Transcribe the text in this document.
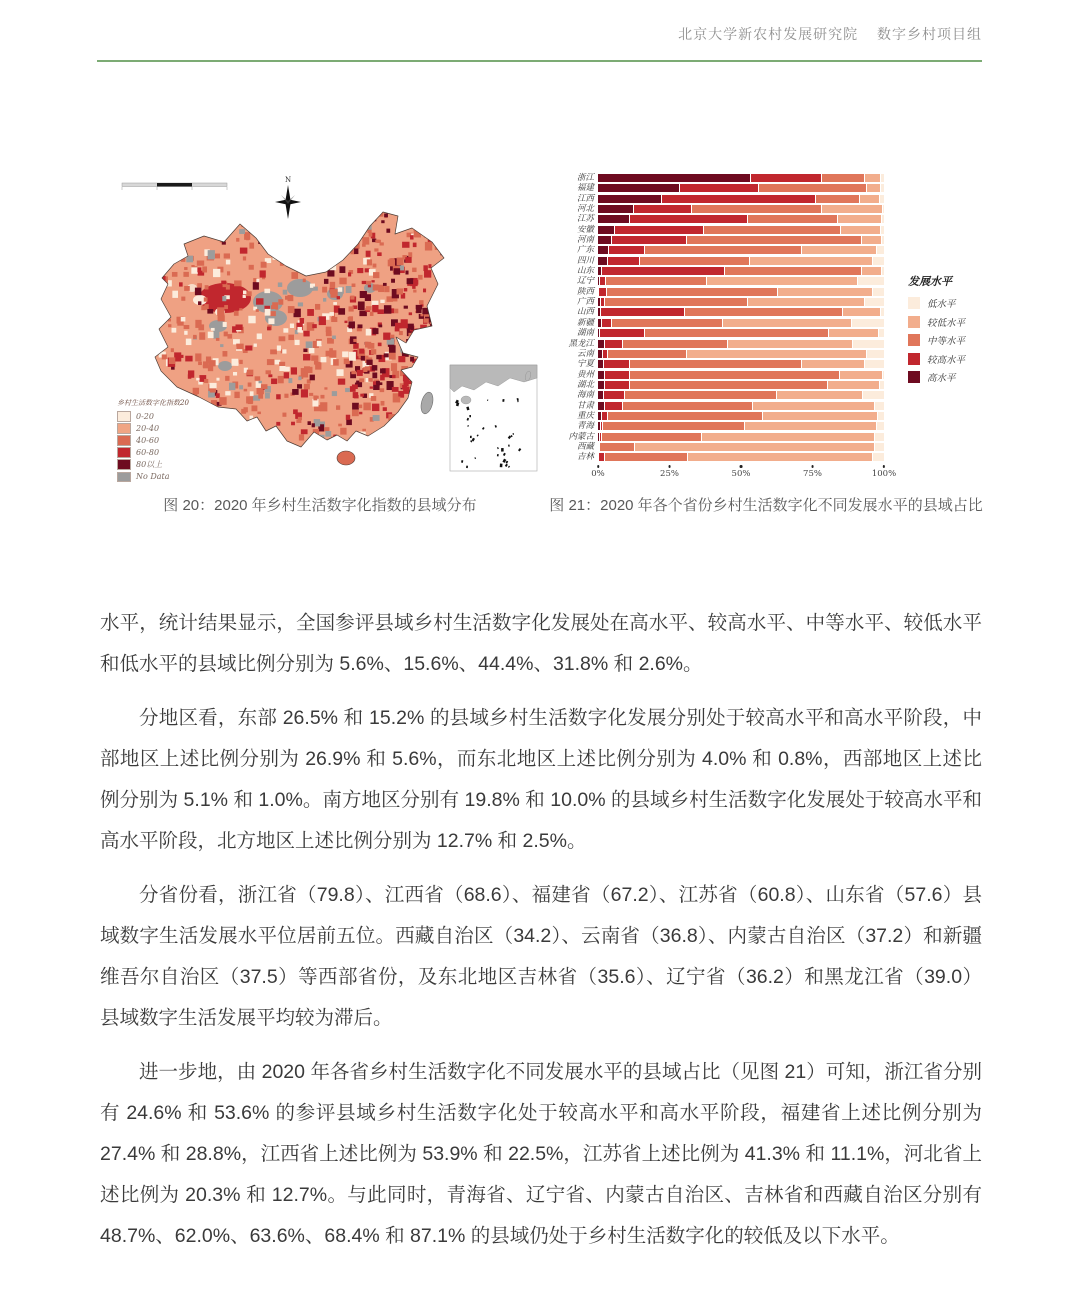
北京大学新农村发展研究院 数字乡村项目组
N
乡村生活数字化指数20
0-20
20-40
40-60
60-80
80以上
No Data
浙江
福建
江西
河北
江苏
安徽
河南
广东
四川
山东
辽宁
陕西
广西
山西
新疆
湖南
黑龙江
云南
宁夏
贵州
湖北
海南
甘肃
重庆
青海
内蒙古
西藏
吉林
0%	25%	50%	75%	100%
发展水平
低水平
较低水平
中等水平
较高水平
高水平
图 20：2020 年乡村生活数字化指数的县域分布	图 21：2020 年各个省份乡村生活数字化不同发展水平的县域占比

水平，统计结果显示，全国参评县域乡村生活数字化发展处在高水平、较高水平、中等水平、较低水平和低水平的县域比例分别为 5.6%、15.6%、44.4%、31.8% 和 2.6%。

分地区看，东部 26.5% 和 15.2% 的县域乡村生活数字化发展分别处于较高水平和高水平阶段，中部地区上述比例分别为 26.9% 和 5.6%，而东北地区上述比例分别为 4.0% 和 0.8%，西部地区上述比例分别为 5.1% 和 1.0%。南方地区分别有 19.8% 和 10.0% 的县域乡村生活数字化发展处于较高水平和高水平阶段，北方地区上述比例分别为 12.7% 和 2.5%。

分省份看，浙江省（79.8）、江西省（68.6）、福建省（67.2）、江苏省（60.8）、山东省（57.6）县域数字生活发展水平位居前五位。西藏自治区（34.2）、云南省（36.8）、内蒙古自治区（37.2）和新疆维吾尔自治区（37.5）等西部省份，及东北地区吉林省（35.6）、辽宁省（36.2）和黑龙江省（39.0）县域数字生活发展平均较为滞后。

进一步地，由 2020 年各省乡村生活数字化不同发展水平的县域占比（见图 21）可知，浙江省分别有 24.6% 和 53.6% 的参评县域乡村生活数字化处于较高水平和高水平阶段，福建省上述比例分别为 27.4% 和 28.8%，江西省上述比例为 53.9% 和 22.5%，江苏省上述比例为 41.3% 和 11.1%，河北省上述比例为 20.3% 和 12.7%。与此同时，青海省、辽宁省、内蒙古自治区、吉林省和西藏自治区分别有 48.7%、62.0%、63.6%、68.4% 和 87.1% 的县域仍处于乡村生活数字化的较低及以下水平。
